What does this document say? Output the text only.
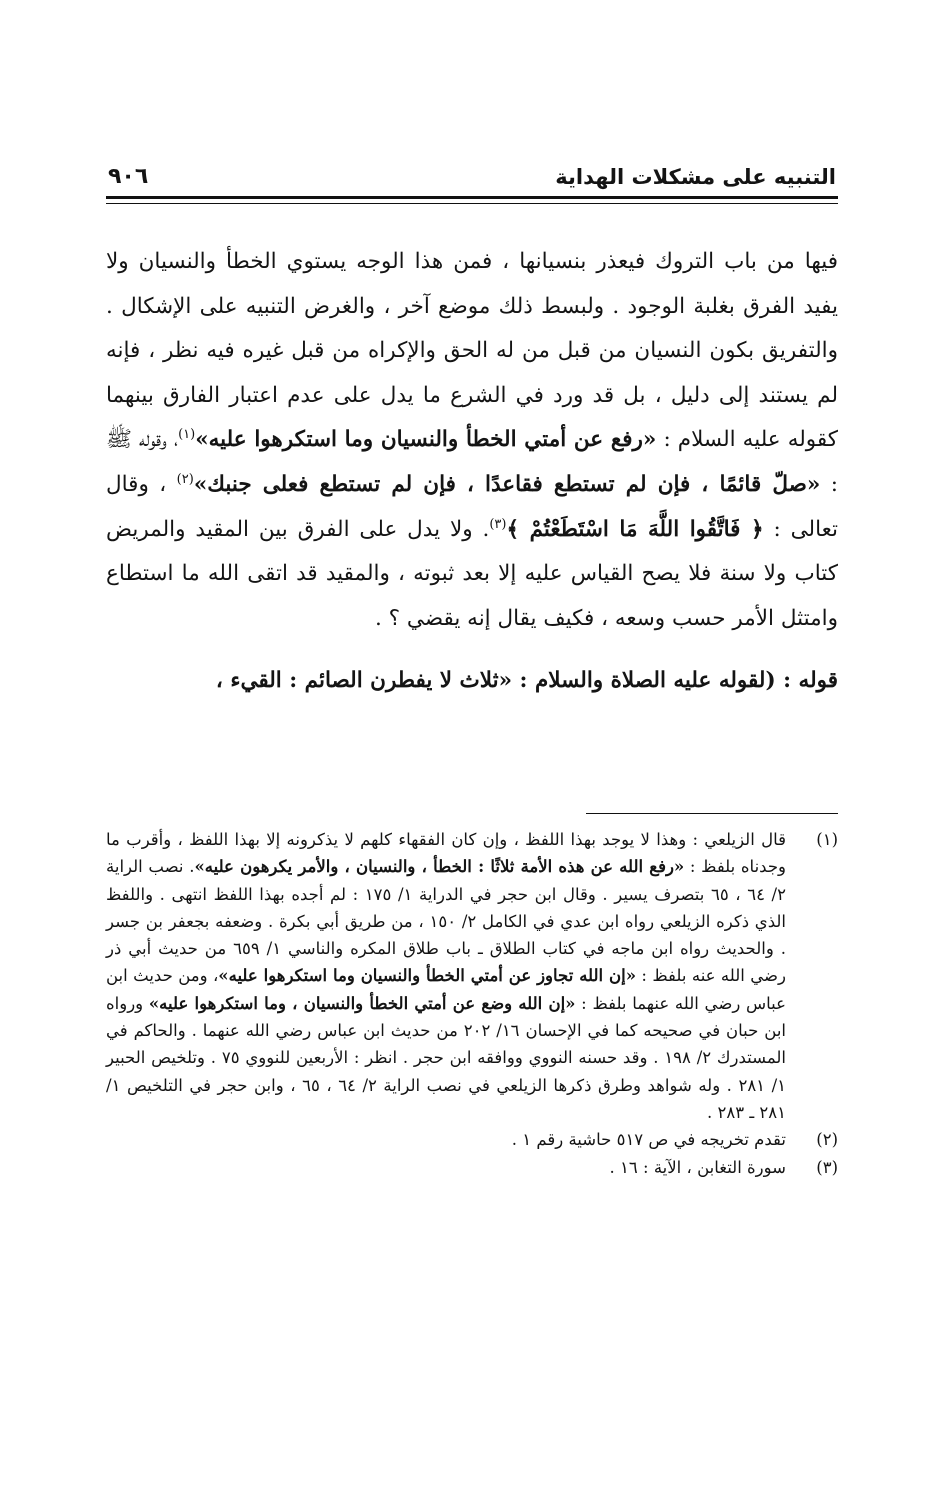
التنبيه على مشكلات الهداية
٩٠٦

فيها من باب التروك فيعذر بنسيانها ، فمن هذا الوجه يستوي الخطأ والنسيان ولا يفيد الفرق بغلبة الوجود . ولبسط ذلك موضع آخر ، والغرض التنبيه على الإشكال . والتفريق بكون النسيان من قبل من له الحق والإكراه من قبل غيره فيه نظر ، فإنه لم يستند إلى دليل ، بل قد ورد في الشرع ما يدل على عدم اعتبار الفارق بينهما كقوله عليه السلام : «رفع عن أمتي الخطأ والنسيان وما استكرهوا عليه»$^{(١)}$، وقوله ﷺ : «صلّ قائمًا ، فإن لم تستطع فقاعدًا ، فإن لم تستطع فعلى جنبك»$^{(٢)}$ ، وقال تعالى : ﴿ فَاتَّقُوا اللَّهَ مَا اسْتَطَعْتُمْ ﴾$^{(٣)}$. ولا يدل على الفرق بين المقيد والمريض كتاب ولا سنة فلا يصح القياس عليه إلا بعد ثبوته ، والمقيد قد اتقى الله ما استطاع وامتثل الأمر حسب وسعه ، فكيف يقال إنه يقضي ؟ .

قوله : (لقوله عليه الصلاة والسلام : «ثلاث لا يفطرن الصائم : القيء ،

(١)
قال الزيلعي : وهذا لا يوجد بهذا اللفظ ، وإن كان الفقهاء كلهم لا يذكرونه إلا بهذا اللفظ ، وأقرب ما وجدناه بلفظ : «رفع الله عن هذه الأمة ثلاثًا : الخطأ ، والنسيان ، والأمر يكرهون عليه». نصب الراية ٢/ ٦٤ ، ٦٥ بتصرف يسير . وقال ابن حجر في الدراية ١/ ١٧٥ : لم أجده بهذا اللفظ انتهى . واللفظ الذي ذكره الزيلعي رواه ابن عدي في الكامل ٢/ ١٥٠ ، من طريق أبي بكرة . وضعفه بجعفر بن جسر . والحديث رواه ابن ماجه في كتاب الطلاق ـ باب طلاق المكره والناسي ١/ ٦٥٩ من حديث أبي ذر رضي الله عنه بلفظ : «إن الله تجاوز عن أمتي الخطأ والنسيان وما استكرهوا عليه»، ومن حديث ابن عباس رضي الله عنهما بلفظ : «إن الله وضع عن أمتي الخطأ والنسيان ، وما استكرهوا عليه» ورواه ابن حبان في صحيحه كما في الإحسان ١٦/ ٢٠٢ من حديث ابن عباس رضي الله عنهما . والحاكم في المستدرك ٢/ ١٩٨ . وقد حسنه النووي ووافقه ابن حجر . انظر : الأربعين للنووي ٧٥ . وتلخيص الحبير ١/ ٢٨١ . وله شواهد وطرق ذكرها الزيلعي في نصب الراية ٢/ ٦٤ ، ٦٥ ، وابن حجر في التلخيص ١/ ٢٨١ ـ ٢٨٣ .
(٢)
تقدم تخريجه في ص ٥١٧ حاشية رقم ١ .
(٣)
سورة التغابن ، الآية : ١٦ .
